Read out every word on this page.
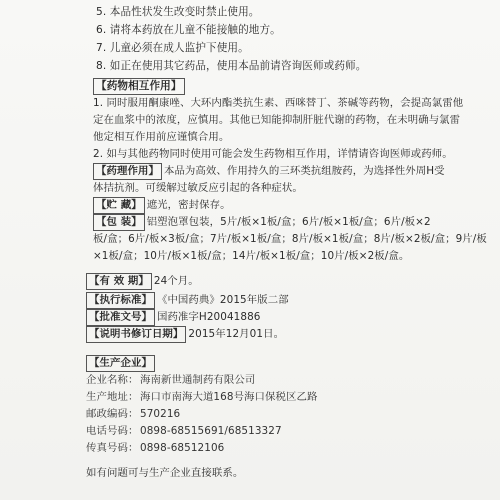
5. 本品性状发生改变时禁止使用。
6. 请将本药放在儿童不能接触的地方。
7. 儿童必须在成人监护下使用。
8. 如正在使用其它药品，使用本品前请咨询医师或药师。
【药物相互作用】
1. 同时服用酮康唑、大环内酯类抗生素、西咪替丁、茶碱等药物，会提高氯雷他
定在血浆中的浓度，应慎用。其他已知能抑制肝脏代谢的药物，在未明确与氯雷
他定相互作用前应谨慎合用。
2. 如与其他药物同时使用可能会发生药物相互作用，详情请咨询医师或药师。
【药理作用】 本品为高效、作用持久的三环类抗组胺药，为选择性外周H受
体拮抗剂。可缓解过敏反应引起的各种症状。
【贮 藏】 遮光，密封保存。
【包 装】 铝塑泡罩包装，5片/板×1板/盒；6片/板×1板/盒；6片/板×2
板/盒；6片/板×3板/盒；7片/板×1板/盒；8片/板×1板/盒；8片/板×2板/盒；9片/板
×1板/盒；10片/板×1板/盒；14片/板×1板/盒；10片/板×2板/盒。
【有 效 期】 24个月。
【执行标准】 《中国药典》2015年版二部
【批准文号】 国药准字H20041886
【说明书修订日期】 2015年12月01日。
【生产企业】
企业名称： 海南新世通制药有限公司
生产地址： 海口市南海大道168号海口保税区乙路
邮政编码： 570216
电话号码： 0898-68515691/68513327
传真号码： 0898-68512106
如有问题可与生产企业直接联系。
